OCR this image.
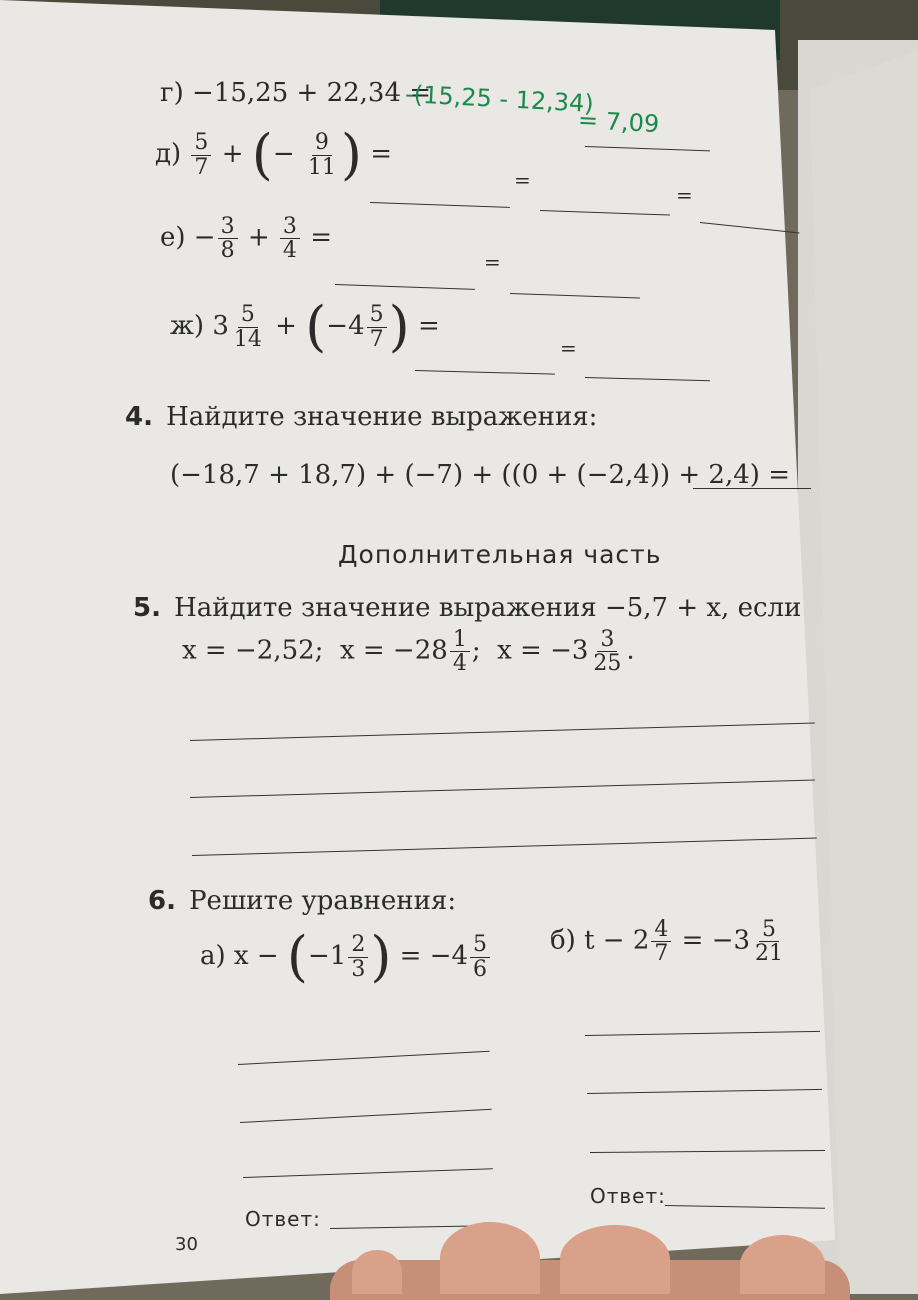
г) −15,25 + 22,34 =
-(15,25 - 12,34)
= 7,09
$д) \frac{5}{7}$ + (− $\frac{9}{11}$ ) =
=
=
$е) - \frac{3}{8} + \frac{3}{4}$ =
=
ж) $3 \frac{5}{14} + (-4 \frac{5}{7}$ ) =
=
4. Найдите значение выражения:
(−18,7 + 18,7) + (−7) + ((0 + (−2,4)) + 2,4) =
Дополнительная часть
5. Найдите значение выражения −5,7 + x, если
x = −2,52; $x = -28 \frac{1}{4}$ ; $x = -3 \frac{3}{25}$ .
6. Решите уравнения:
а) $x - (-1 \frac{2}{3}$ ) = $-4 \frac{5}{6} б$) $t - 2 \frac{4}{7} = -3 \frac{5}{21}$
Ответ:
Ответ:
30
